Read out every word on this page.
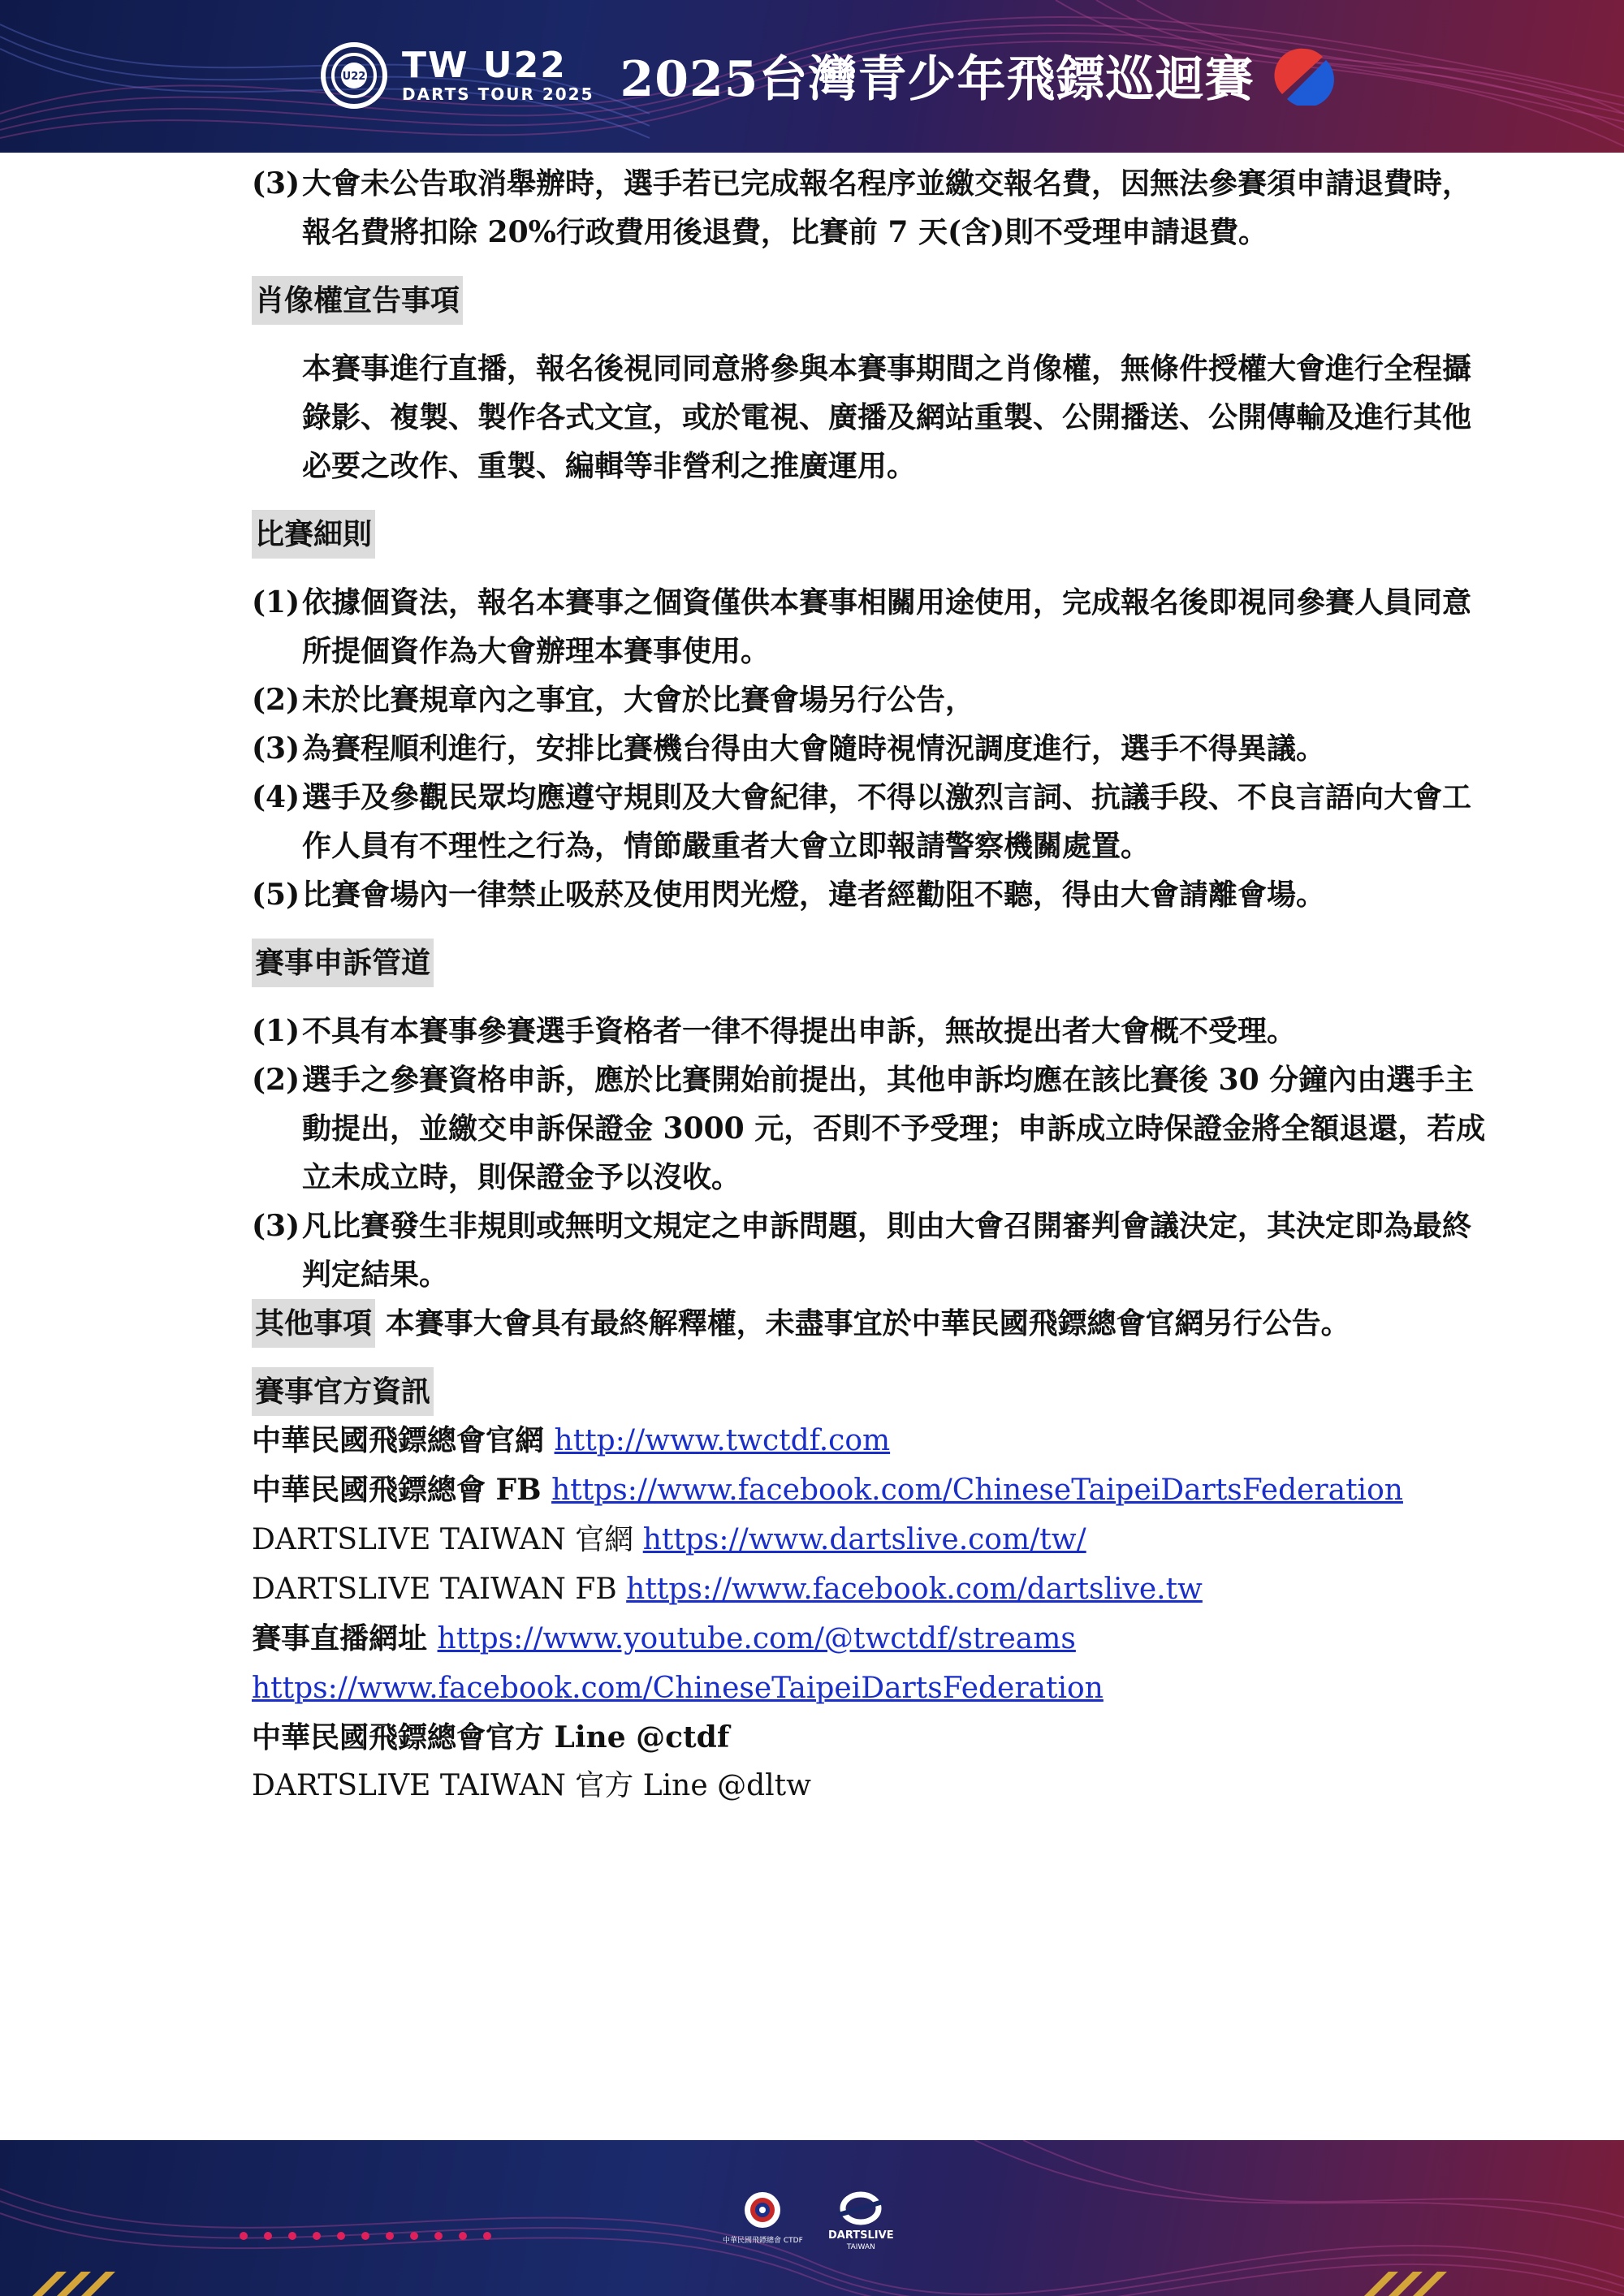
U22 TW U22
DARTS TOUR 2025 2025台灣青少年飛鏢巡迴賽
(3) 大會未公告取消舉辦時，選手若已完成報名程序並繳交報名費，因無法參賽須申請退費時，報名費將扣除 20%行政費用後退費，比賽前 7 天(含)則不受理申請退費。
肖像權宣告事項

本賽事進行直播，報名後視同同意將參與本賽事期間之肖像權，無條件授權大會進行全程攝錄影、複製、製作各式文宣，或於電視、廣播及網站重製、公開播送、公開傳輸及進行其他必要之改作、重製、編輯等非營利之推廣運用。

比賽細則
(1) 依據個資法，報名本賽事之個資僅供本賽事相關用途使用，完成報名後即視同參賽人員同意所提個資作為大會辦理本賽事使用。
(2) 未於比賽規章內之事宜，大會於比賽會場另行公告，
(3) 為賽程順利進行，安排比賽機台得由大會隨時視情況調度進行，選手不得異議。
(4) 選手及參觀民眾均應遵守規則及大會紀律，不得以激烈言詞、抗議手段、不良言語向大會工作人員有不理性之行為，情節嚴重者大會立即報請警察機關處置。
(5) 比賽會場內一律禁止吸菸及使用閃光燈，違者經勸阻不聽，得由大會請離會場。
賽事申訴管道
(1) 不具有本賽事參賽選手資格者一律不得提出申訴，無故提出者大會概不受理。
(2) 選手之參賽資格申訴，應於比賽開始前提出，其他申訴均應在該比賽後 30 分鐘內由選手主動提出，並繳交申訴保證金 3000 元，否則不予受理；申訴成立時保證金將全額退還，若成立未成立時，則保證金予以沒收。
(3) 凡比賽發生非規則或無明文規定之申訴問題，則由大會召開審判會議決定，其決定即為最終判定結果。

其他事項 本賽事大會具有最終解釋權，未盡事宜於中華民國飛鏢總會官網另行公告。

賽事官方資訊

中華民國飛鏢總會官網 http://www.twctdf.com

中華民國飛鏢總會 FB https://www.facebook.com/ChineseTaipeiDartsFederation

DARTSLIVE TAIWAN 官網 https://www.dartslive.com/tw/

DARTSLIVE TAIWAN FB https://www.facebook.com/dartslive.tw

賽事直播網址 https://www.youtube.com/@twctdf/streams

https://www.facebook.com/ChineseTaipeiDartsFederation

中華民國飛鏢總會官方 Line @ctdf

DARTSLIVE TAIWAN 官方 Line @dltw

中華民國飛鏢總會 CTDF DARTSLIVE
TAIWAN
